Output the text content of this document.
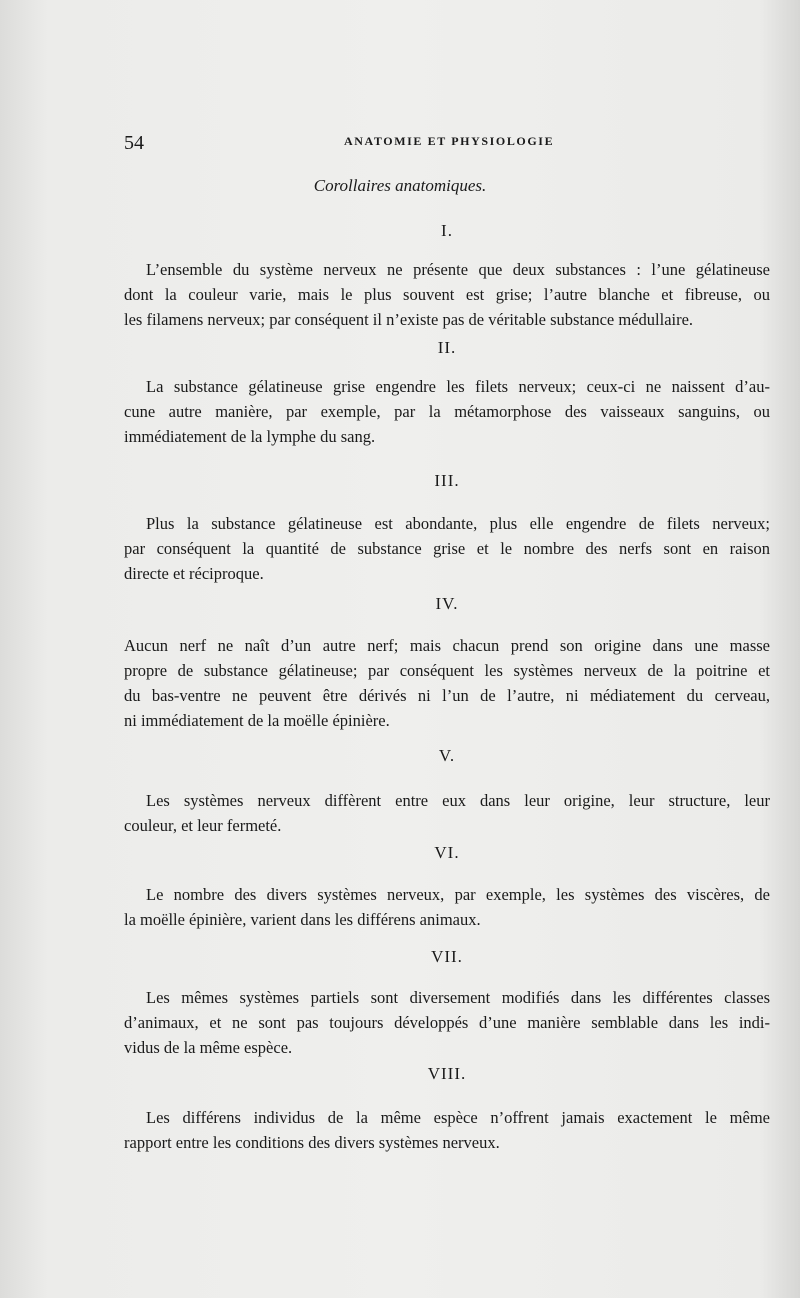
54	ANATOMIE ET PHYSIOLOGIE
Corollaires anatomiques.
I.
L’ensemble du système nerveux ne présente que deux substances : l’une gélatineuse
dont la couleur varie, mais le plus souvent est grise; l’autre blanche et fibreuse, ou
les filamens nerveux; par conséquent il n’existe pas de véritable substance médullaire.
II.
La substance gélatineuse grise engendre les filets nerveux; ceux-ci ne naissent d’au-
cune autre manière, par exemple, par la métamorphose des vaisseaux sanguins, ou
immédiatement de la lymphe du sang.
III.
Plus la substance gélatineuse est abondante, plus elle engendre de filets nerveux;
par conséquent la quantité de substance grise et le nombre des nerfs sont en raison
directe et réciproque.
IV.
Aucun nerf ne naît d’un autre nerf; mais chacun prend son origine dans une masse
propre de substance gélatineuse; par conséquent les systèmes nerveux de la poitrine et
du bas-ventre ne peuvent être dérivés ni l’un de l’autre, ni médiatement du cerveau,
ni immédiatement de la moëlle épinière.
V.
Les systèmes nerveux diffèrent entre eux dans leur origine, leur structure, leur
couleur, et leur fermeté.
VI.
Le nombre des divers systèmes nerveux, par exemple, les systèmes des viscères, de
la moëlle épinière, varient dans les différens animaux.
VII.
Les mêmes systèmes partiels sont diversement modifiés dans les différentes classes
d’animaux, et ne sont pas toujours développés d’une manière semblable dans les indi-
vidus de la même espèce.
VIII.
Les différens individus de la même espèce n’offrent jamais exactement le même
rapport entre les conditions des divers systèmes nerveux.
